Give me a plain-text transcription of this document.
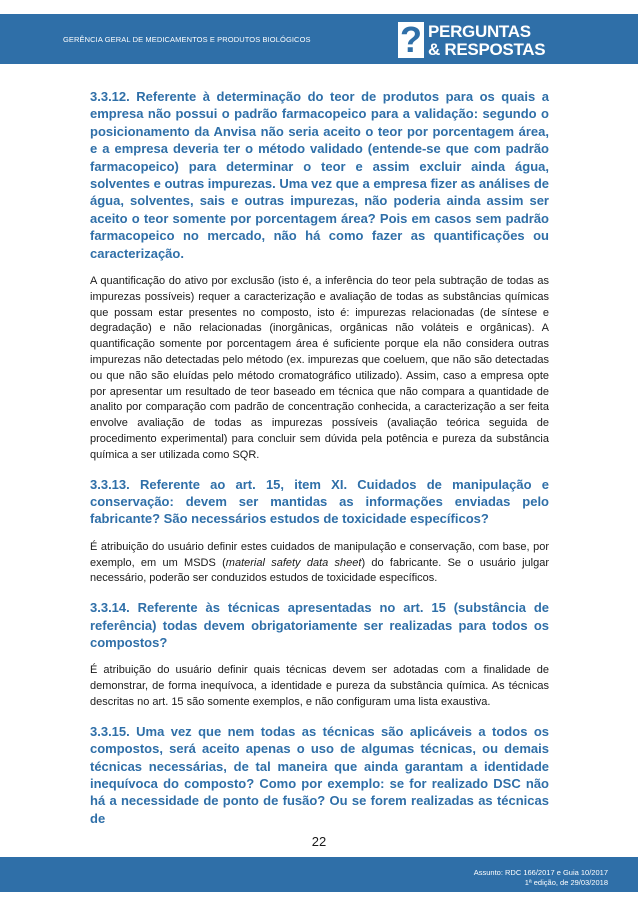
GERÊNCIA GERAL DE MEDICAMENTOS E PRODUTOS BIOLÓGICOS ? PERGUNTAS
& RESPOSTAS

3.3.12. Referente à determinação do teor de produtos para os quais a empresa não possui o padrão farmacopeico para a validação: segundo o posicionamento da Anvisa não seria aceito o teor por porcentagem área, e a empresa deveria ter o método validado (entende-se que com padrão farmacopeico) para determinar o teor e assim excluir ainda água, solventes e outras impurezas. Uma vez que a empresa fizer as análises de água, solventes, sais e outras impurezas, não poderia ainda assim ser aceito o teor somente por porcentagem área? Pois em casos sem padrão farmacopeico no mercado, não há como fazer as quantificações ou caracterização.

A quantificação do ativo por exclusão (isto é, a inferência do teor pela subtração de todas as impurezas possíveis) requer a caracterização e avaliação de todas as substâncias químicas que possam estar presentes no composto, isto é: impurezas relacionadas (de síntese e degradação) e não relacionadas (inorgânicas, orgânicas não voláteis e orgânicas). A quantificação somente por porcentagem área é suficiente porque ela não considera outras impurezas não detectadas pelo método (ex. impurezas que coeluem, que não são detectadas ou que não são eluídas pelo método cromatográfico utilizado). Assim, caso a empresa opte por apresentar um resultado de teor baseado em técnica que não compara a quantidade de analito por comparação com padrão de concentração conhecida, a caracterização a ser feita envolve avaliação de todas as impurezas possíveis (avaliação teórica seguida de procedimento experimental) para concluir sem dúvida pela potência e pureza da substância química a ser utilizada como SQR.

3.3.13. Referente ao art. 15, item XI. Cuidados de manipulação e conservação: devem ser mantidas as informações enviadas pelo fabricante? São necessários estudos de toxicidade específicos?

É atribuição do usuário definir estes cuidados de manipulação e conservação, com base, por exemplo, em um MSDS (material safety data sheet) do fabricante. Se o usuário julgar necessário, poderão ser conduzidos estudos de toxicidade específicos.

3.3.14. Referente às técnicas apresentadas no art. 15 (substância de referência) todas devem obrigatoriamente ser realizadas para todos os compostos?

É atribuição do usuário definir quais técnicas devem ser adotadas com a finalidade de demonstrar, de forma inequívoca, a identidade e pureza da substância química. As técnicas descritas no art. 15 são somente exemplos, e não configuram uma lista exaustiva.

3.3.15. Uma vez que nem todas as técnicas são aplicáveis a todos os compostos, será aceito apenas o uso de algumas técnicas, ou demais técnicas necessárias, de tal maneira que ainda garantam a identidade inequívoca do composto? Como por exemplo: se for realizado DSC não há a necessidade de ponto de fusão? Ou se forem realizadas as técnicas de

22
Assunto: RDC 166/2017 e Guia 10/2017
1ª edição, de 29/03/2018
